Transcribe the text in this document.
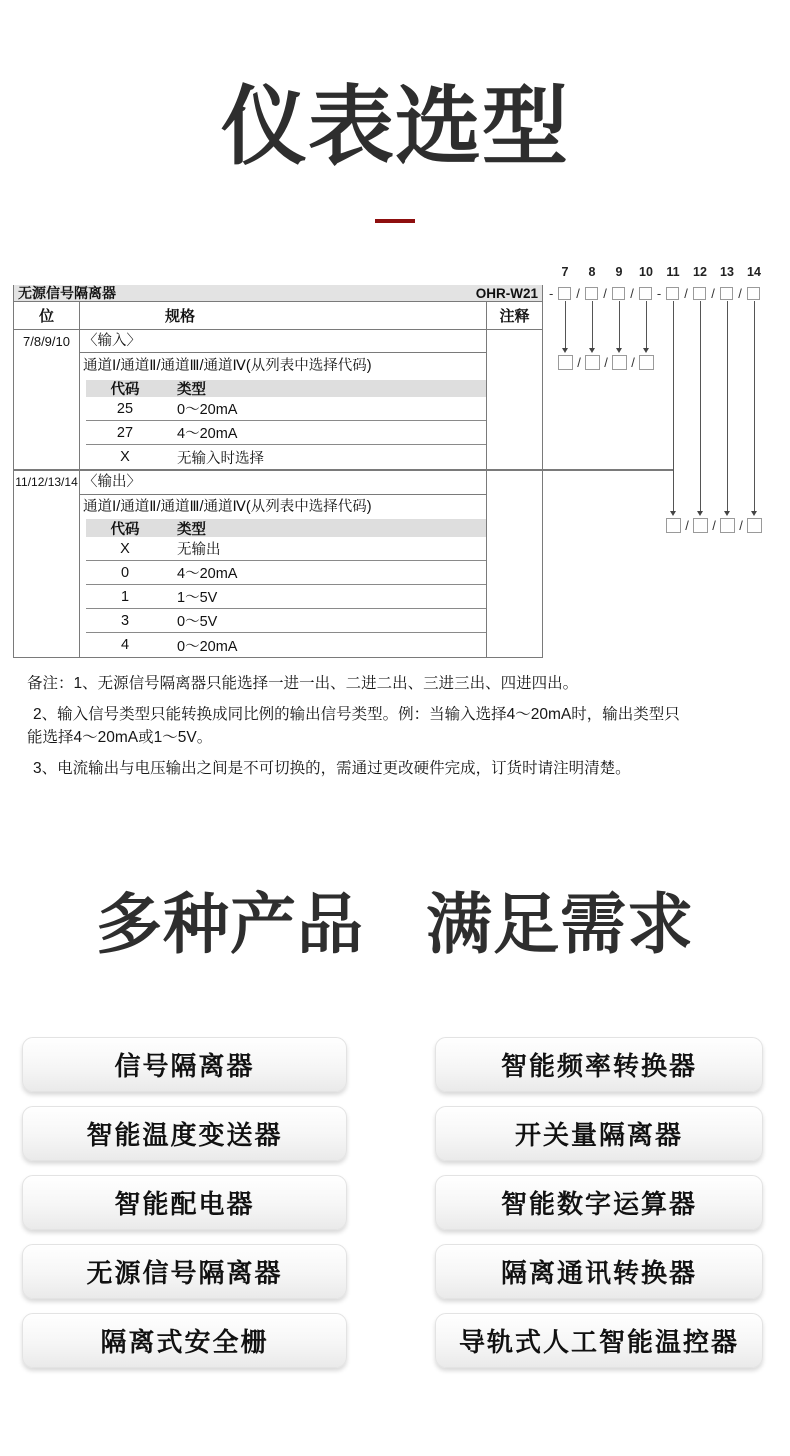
仪表选型
无源信号隔离器	OHR-W21
位	规格	注释
7/8/9/10 〈输入〉
通道Ⅰ/通道Ⅱ/通道Ⅲ/通道Ⅳ(从列表中选择代码)
代码	类型
25	0～20mA
27	4～20mA
X	无输入时选择
11/12/13/14 〈输出〉
通道Ⅰ/通道Ⅱ/通道Ⅲ/通道Ⅳ(从列表中选择代码)
代码	类型
X	无输出
0	4～20mA
1	1～5V
3	0～5V
4	0～20mA
7 8 9 10 11 12 13 14
-	/	/	/	-	/	/	/
/	/	/
/	/	/

备注：1、无源信号隔离器只能选择一进一出、二进二出、三进三出、四进四出。

2、输入信号类型只能转换成同比例的输出信号类型。例：当输入选择4～20mA时，输出类型只能选择4～20mA或1～5V。

3、电流输出与电压输出之间是不可切换的，需通过更改硬件完成，订货时请注明清楚。

多种产品 满足需求
信号隔离器
智能温度变送器
智能配电器
无源信号隔离器
隔离式安全栅
智能频率转换器
开关量隔离器
智能数字运算器
隔离通讯转换器
导轨式人工智能温控器
